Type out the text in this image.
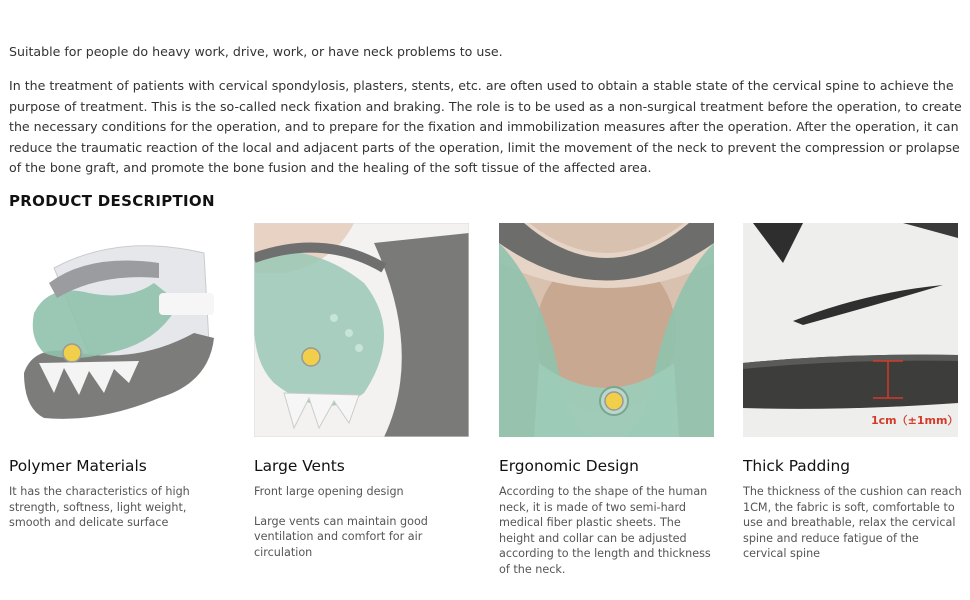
Suitable for people do heavy work, drive, work, or have neck problems to use.

In the treatment of patients with cervical spondylosis, plasters, stents, etc. are often used to obtain a stable state of the cervical spine to achieve the purpose of treatment. This is the so-called neck fixation and braking. The role is to be used as a non-surgical treatment before the operation, to create the necessary conditions for the operation, and to prepare for the fixation and immobilization measures after the operation. After the operation, it can reduce the traumatic reaction of the local and adjacent parts of the operation, limit the movement of the neck to prevent the compression or prolapse of the bone graft, and promote the bone fusion and the healing of the soft tissue of the affected area.

PRODUCT DESCRIPTION
Polymer Materials

It has the characteristics of high strength, softness, light weight, smooth and delicate surface

Large Vents

Front large opening design

Large vents can maintain good ventilation and comfort for air circulation

Ergonomic Design

According to the shape of the human neck, it is made of two semi-hard medical fiber plastic sheets. The height and collar can be adjusted according to the length and thickness of the neck.

1cm（±1mm）
Thick Padding

The thickness of the cushion can reach 1CM, the fabric is soft, comfortable to use and breathable, relax the cervical spine and reduce fatigue of the cervical spine
